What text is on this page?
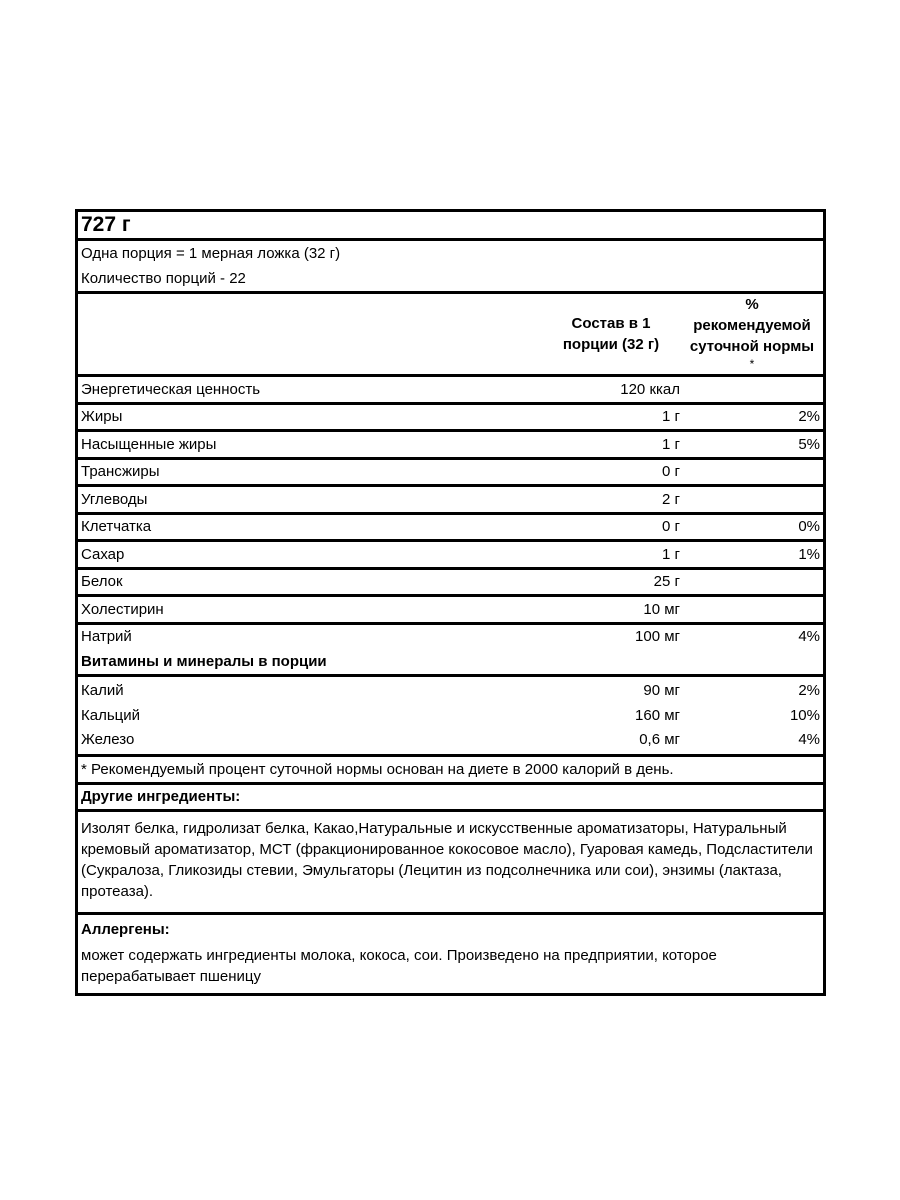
727 г
Одна порция = 1 мерная ложка (32 г)
Количество порций - 22
Состав в 1 порции (32 г)
%
рекомендуемой суточной нормы
*
Энергетическая ценность	120 ккал
Жиры	1 г	2%
Насыщенные жиры	1 г	5%
Трансжиры	0 г
Углеводы	2 г
Клетчатка	0 г	0%
Сахар	1 г	1%
Белок	25 г
Холестирин	10 мг
Натрий	100 мг	4%
Витамины и минералы в порции
Калий	90 мг	2%
Кальций	160 мг	10%
Железо	0,6 мг	4%
* Рекомендуемый процент суточной нормы основан на диете в 2000 калорий в день.
Другие ингредиенты:
Изолят белка, гидролизат белка, Какао,Натуральные и искусственные ароматизаторы, Натуральный кремовый ароматизатор, МСТ (фракционированное кокосовое масло), Гуаровая камедь, Подсластители (Сукралоза, Гликозиды стевии, Эмульгаторы (Лецитин из подсолнечника или сои), энзимы (лактаза, протеаза).
Аллергены:
может содержать ингредиенты молока, кокоса, сои. Произведено на предприятии, которое перерабатывает пшеницу
